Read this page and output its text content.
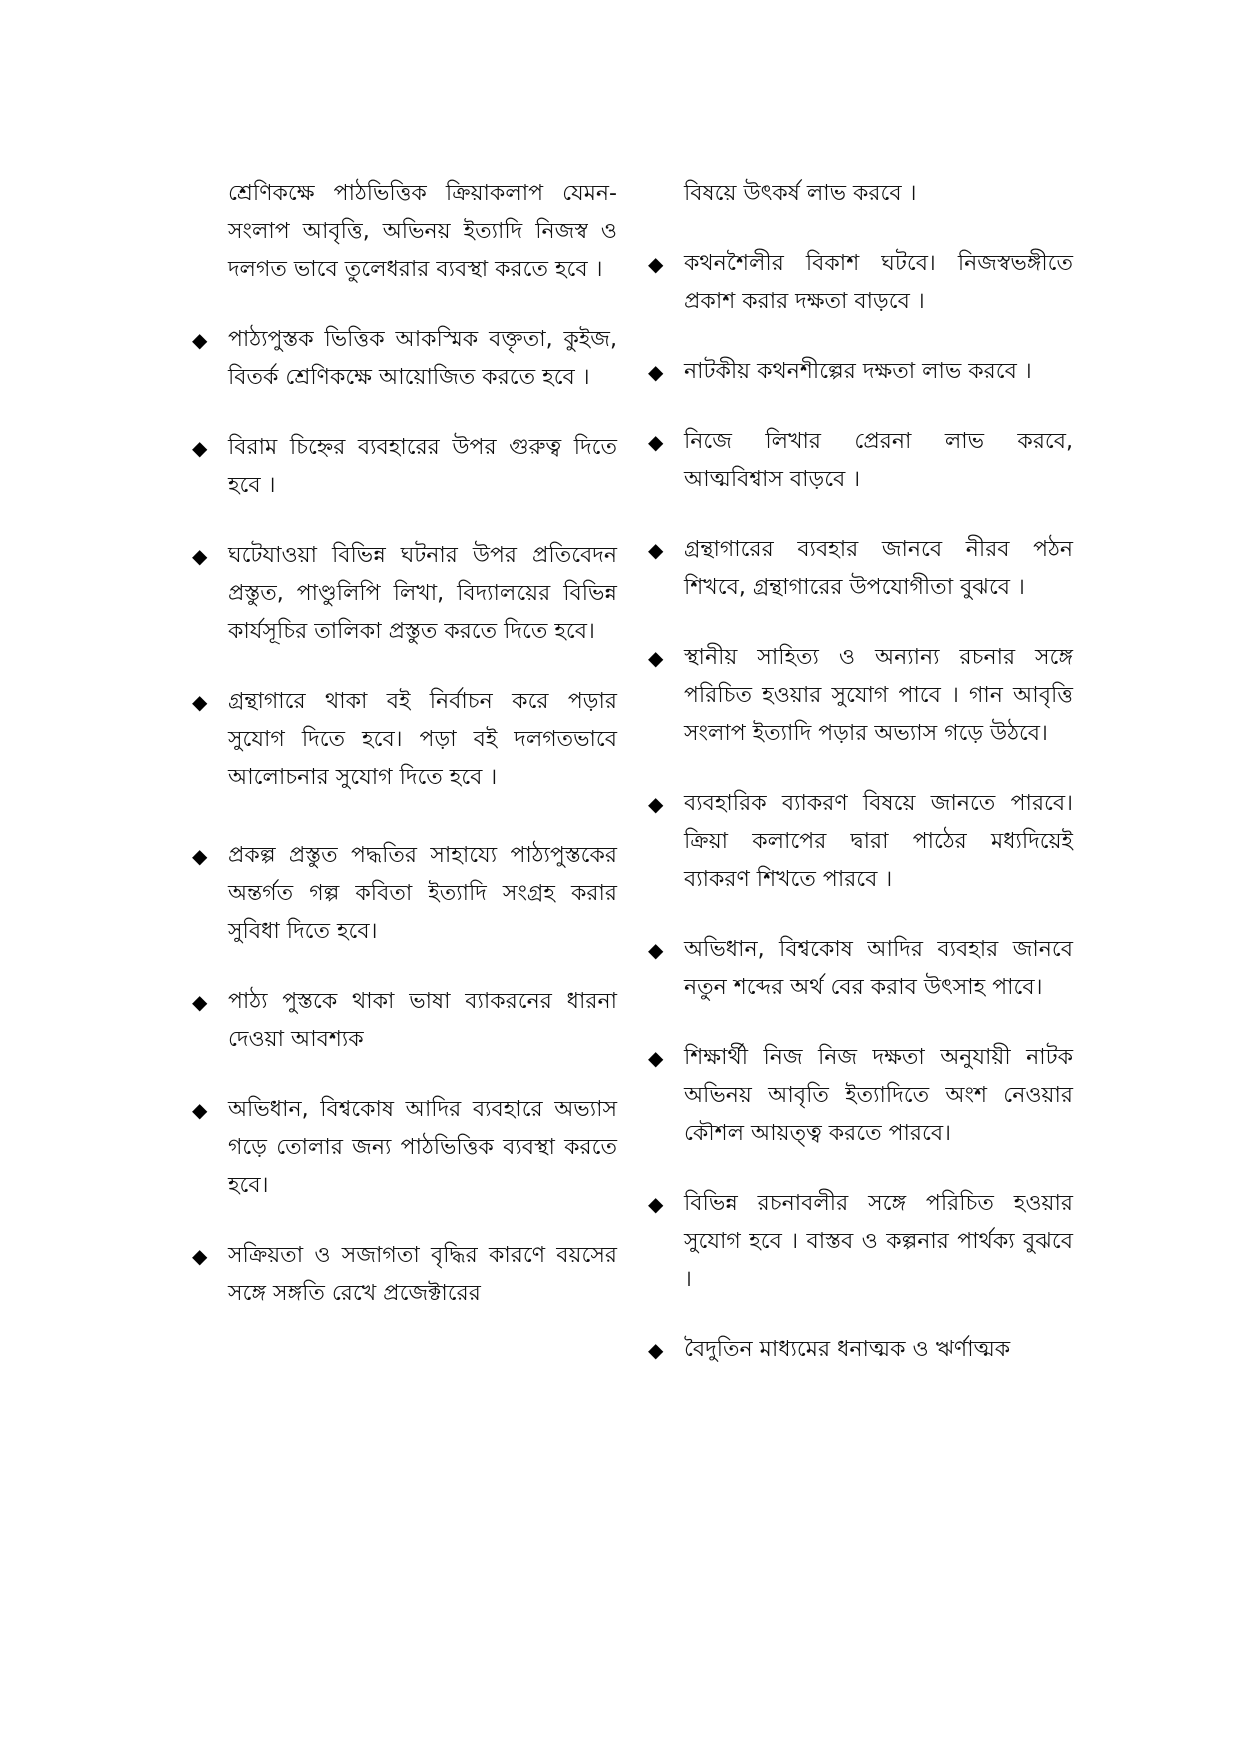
শ্রেণিকক্ষে পাঠভিত্তিক ক্রিয়াকলাপ যেমন- সংলাপ আবৃত্তি, অভিনয় ইত্যাদি নিজস্ব ও দলগত ভাবে তুলেধরার ব্যবস্থা করতে হবে ।

◆ পাঠ্যপুস্তক ভিত্তিক আকস্মিক বক্তৃতা, কুইজ, বিতর্ক শ্রেণিকক্ষে আয়োজিত করতে হবে ।
◆ বিরাম চিহ্নের ব্যবহারের উপর গুরুত্ব দিতে হবে ।
◆ ঘটেযাওয়া বিভিন্ন ঘটনার উপর প্রতিবেদন প্রস্তুত, পাণ্ডুলিপি লিখা, বিদ্যালয়ের বিভিন্ন কার্যসূচির তালিকা প্রস্তুত করতে দিতে হবে।
◆ গ্রন্থাগারে থাকা বই নির্বাচন করে পড়ার সুযোগ দিতে হবে। পড়া বই দলগতভাবে আলোচনার সুযোগ দিতে হবে ।
◆ প্রকল্প প্রস্তুত পদ্ধতির সাহায্যে পাঠ্যপুস্তকের অন্তর্গত গল্প কবিতা ইত্যাদি সংগ্রহ করার সুবিধা দিতে হবে।
◆ পাঠ্য পুস্তকে থাকা ভাষা ব্যাকরনের ধারনা দেওয়া আবশ্যক
◆ অভিধান, বিশ্বকোষ আদির ব্যবহারে অভ্যাস গড়ে তোলার জন্য পাঠভিত্তিক ব্যবস্থা করতে হবে।
◆ সক্রিয়তা ও সজাগতা বৃদ্ধির কারণে বয়সের সঙ্গে সঙ্গতি রেখে প্রজেক্টারের

বিষয়ে উৎকর্ষ লাভ করবে ।

◆ কথনশৈলীর বিকাশ ঘটবে। নিজস্বভঙ্গীতে প্রকাশ করার দক্ষতা বাড়বে ।
◆ নাটকীয় কথনশীল্পের দক্ষতা লাভ করবে ।
◆ নিজে লিখার প্রেরনা লাভ করবে, আত্মবিশ্বাস বাড়বে ।
◆ গ্রন্থাগারের ব্যবহার জানবে নীরব পঠন শিখবে, গ্রন্থাগারের উপযোগীতা বুঝবে ।
◆ স্থানীয় সাহিত্য ও অন্যান্য রচনার সঙ্গে পরিচিত হওয়ার সুযোগ পাবে । গান আবৃত্তি সংলাপ ইত্যাদি পড়ার অভ্যাস গড়ে উঠবে।
◆ ব্যবহারিক ব্যাকরণ বিষয়ে জানতে পারবে। ক্রিয়া কলাপের দ্বারা পাঠের মধ্যদিয়েই ব্যাকরণ শিখতে পারবে ।
◆ অভিধান, বিশ্বকোষ আদির ব্যবহার জানবে নতুন শব্দের অর্থ বের করাব উৎসাহ পাবে।
◆ শিক্ষার্থী নিজ নিজ দক্ষতা অনুযায়ী নাটক অভিনয় আবৃতি ইত্যাদিতে অংশ নেওয়ার কৌশল আয়ত্ত্ব করতে পারবে।
◆ বিভিন্ন রচনাবলীর সঙ্গে পরিচিত হওয়ার সুযোগ হবে । বাস্তব ও কল্পনার পার্থক্য বুঝবে ।
◆ বৈদুতিন মাধ্যমের ধনাত্মক ও ঋর্ণাত্মক
